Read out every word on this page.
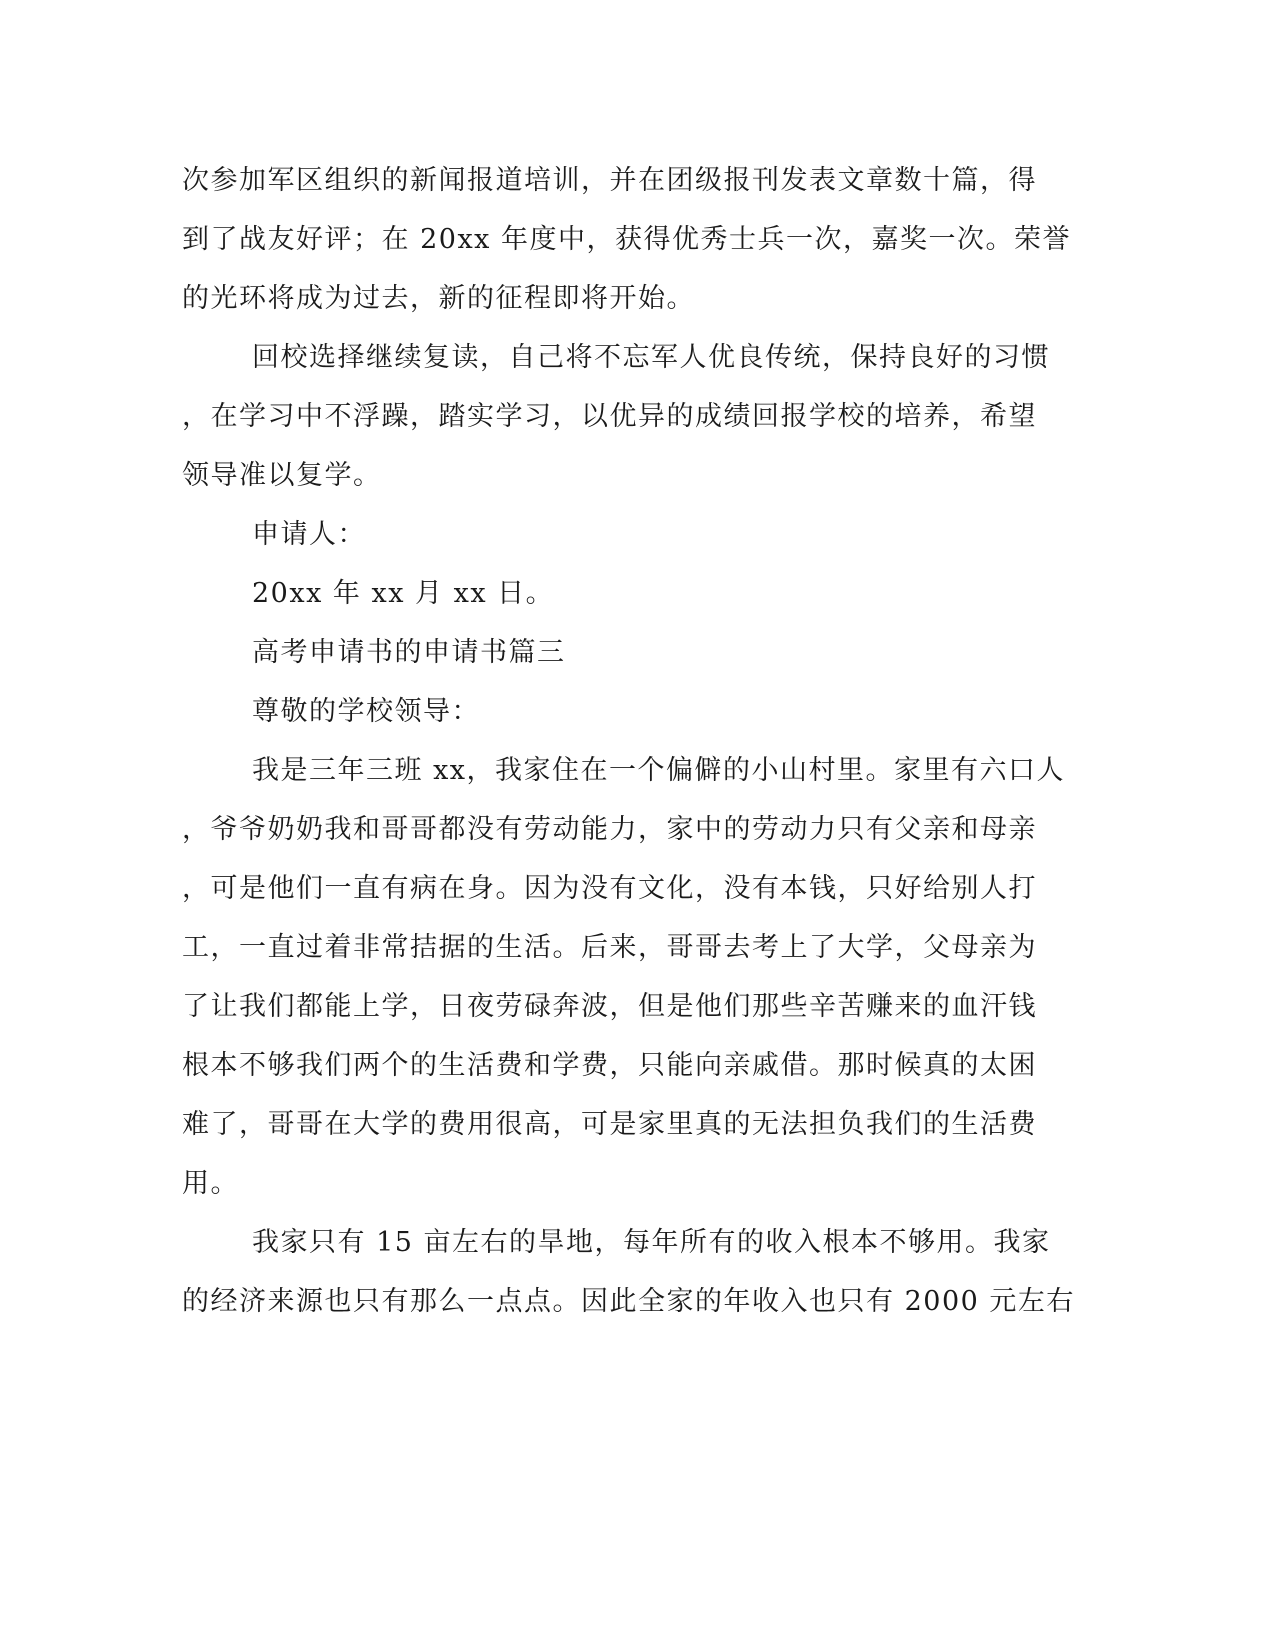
次参加军区组织的新闻报道培训，并在团级报刊发表文章数十篇，得
到了战友好评；在 20xx 年度中，获得优秀士兵一次，嘉奖一次。荣誉
的光环将成为过去，新的征程即将开始。
回校选择继续复读，自己将不忘军人优良传统，保持良好的习惯
，在学习中不浮躁，踏实学习，以优异的成绩回报学校的培养，希望
领导准以复学。
申请人：
20xx 年 xx 月 xx 日。
高考申请书的申请书篇三
尊敬的学校领导：
我是三年三班 xx，我家住在一个偏僻的小山村里。家里有六口人
，爷爷奶奶我和哥哥都没有劳动能力，家中的劳动力只有父亲和母亲
，可是他们一直有病在身。因为没有文化，没有本钱，只好给别人打
工，一直过着非常拮据的生活。后来，哥哥去考上了大学，父母亲为
了让我们都能上学，日夜劳碌奔波，但是他们那些辛苦赚来的血汗钱
根本不够我们两个的生活费和学费，只能向亲戚借。那时候真的太困
难了，哥哥在大学的费用很高，可是家里真的无法担负我们的生活费
用。
我家只有 15 亩左右的旱地，每年所有的收入根本不够用。我家
的经济来源也只有那么一点点。因此全家的年收入也只有 2000 元左右
